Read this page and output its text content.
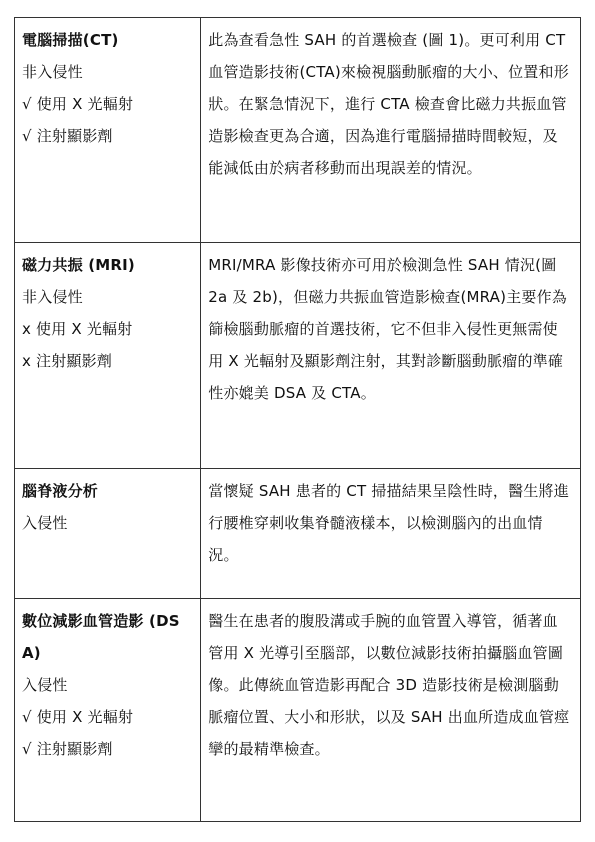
電腦掃描(CT)
非入侵性
√ 使用 X 光輻射
√ 注射顯影劑	此為查看急性 SAH 的首選檢查 (圖 1)。更可利用 CT 血管造影技術(CTA)來檢視腦動脈瘤的大小、位置和形狀。在緊急情況下，進行 CTA 檢查會比磁力共振血管造影檢查更為合適，因為進行電腦掃描時間較短，及能減低由於病者移動而出現誤差的情況。

磁力共振 (MRI)
非入侵性
x 使用 X 光輻射
x 注射顯影劑	MRI/MRA 影像技術亦可用於檢測急性 SAH 情況(圖 2a 及 2b)，但磁力共振血管造影檢查(MRA)主要作為篩檢腦動脈瘤的首選技術，它不但非入侵性更無需使用 X 光輻射及顯影劑注射，其對診斷腦動脈瘤的準確性亦媲美 DSA 及 CTA。

腦脊液分析
入侵性	當懷疑 SAH 患者的 CT 掃描結果呈陰性時，醫生將進行腰椎穿刺收集脊髓液樣本，以檢測腦內的出血情況。

數位減影血管造影 (DSA)
入侵性
√ 使用 X 光輻射
√ 注射顯影劑	醫生在患者的腹股溝或手腕的血管置入導管，循著血管用 X 光導引至腦部，以數位減影技術拍攝腦血管圖像。此傳統血管造影再配合 3D 造影技術是檢測腦動脈瘤位置、大小和形狀，以及 SAH 出血所造成血管痙攣的最精準檢查。
